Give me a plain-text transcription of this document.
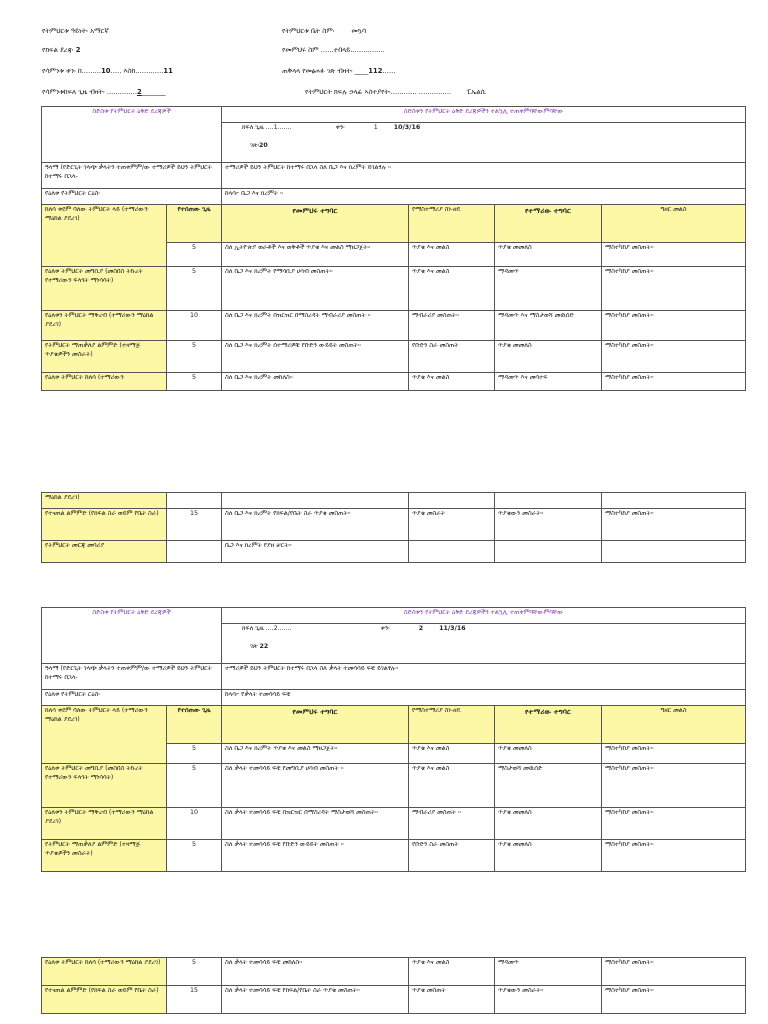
የትምህርቱ ዓይነት፡ አማርኛ	የትምህርቱ ቤት ስም፡	መኳሳ
የክፍል ደረጃ፡ 2	የመምህሩ ስም ......ተበላይ................
የሳምንቱ ቀን፡ ከ.........10..... እስከ.............11	ጠቅላላ የመፅሐፉ ገጽ ብዛት፡ ____112......
የሳምንቱከፍለ ጊዜ ብዛት፡ ..............2_______	የትምህርት ክፍሉ ኃላፊ ኣስተያየት፡............ ............... ፒኤልሲ
ስድስቱ የትምህርት ዕቅድ ደረጃዎች		ስድስቱን የትምህርት ዕቅድ ደረጃዎችን ተልኳሊ ተጠቀምባቸውምባቸው			
		ክፍለ ጊዜ ....1....... ቀን፡ 1 10/3/16			
		ገጽ፡20			
ዓላማ (የድርጊት ገላጭ ቃላትን ተጠቀምም/ው ተማሪዎች ይህን ትምህርት ከተማሩ በኋላ-		ተማሪዎች ይህን ትምህርት ከተማሩ በኋላ ስለ ቤጋ እና ክረምት ይገልፃሉ ።			
የዕለቱ የትምህርት ርዕስ፡		ከላሳ፦ ቤጋ እና ክረምት ።			
ከለሳ ቀደም ባለው ትምህርት ላይ (ተማሪውን ማዕከል ያደረገ)	የተሰጠው ጊዜ	የመምህሩ ተግባር	የማስተማሪያ ስነ-ዘዴ	የተማሪው ተግባር	ግዘር መልስ
	5	ስለ ኢትዮጵያ ወራቶች እና ወቅቶች ጥያቄ እና መልስ ማዘጋጀት።	ጥያቄ እና መልስ	ጥያቄ መመለስ	ማስተካከያ መስጠት።
የዕለቱ ትምህርት መግቢያ (መስበስ ትኩረት የተማሪውን ፍላጎት ማነሳሳት)	5	ስለ ቤጋ እና ክረምት የማሳቢያ ሀሳብ መስጠት።	ጥያቄ እና መልስ	ማዳመጥ	ማስተካከያ መስጠት።
የዕለቱን ትምህርት ማቅረብ (ተማሪውን ማዕከል ያደረገ)	10	ስለ ቤጋ እና ክረምት በዝርዝር በማስረዳት ማብራሪያ መስጠት ።	ማብራሪያ መስጠት።	ማዳመጥ እና ማስታወሻ መዉሰድ	ማስተካከያ መስጠት።
የትምህርት ማጠቃለያ ልምምድ (ተዛማጅ ጥያቄዎችን መስራት)	5	ስለ ቤጋ እና ክረምት ሰተማሪዎቹ የቡድን ውይይት መስጠት።	የቡድን ስራ መስጠት	ጥያቄ መመለስ	ማስተካከያ መስጠት።
የዕለቱ ትምህርት ከለሳ (ተማሪውን	5	ስለ ቤጋ እና ክረምት መከለስ።	ጥያቄ እና መልስ	ማዳመጥ እና መሳተፍ	ማስተካከያ መስጠት።
ማዕከል ያደረገ)					
የተናጠል ልምምድ (የክፍል ስራ ወይም የቤት ስራ)	15	ስለ ቤጋ እና ክረምት የክፍል/የቤት ስራ ጥያቄ መስጠት።	ጥያቄ መስራት	ጥያቄውን መስራት።	ማስተካከያ መስጠት።
የትምህርት መርጃ መሳሪያ		ቤጋ እና ክረምት የያዘ ቻርት።			
ስድስቱ የትምህርት ዕቅድ ደረጃዎች		ስድስቱን የትምህርት ዕቅድ ደረጃዎችን ተልኳሊ ተጠቀምባቸውምባቸው			
		ክፍለ ጊዜ ....2....... ቀን፡ 2 11/3/16			
		ገጽ 22			
ዓላማ (የድርጊት ገላጭ ቃላትን ተጠቀምም/ው ተማሪዎች ይህን ትምህርት ከተማሩ በኋላ-		ተማሪዎች ይህን ትምህርት ከተማሩ በኋላ ስለ ቃላት ተመሳሳይ ፍቺ ይገልፃሉ።			
የዕለቱ የትምህርት ርዕስ፡		ከላሳ፦ የቃላት ተመሳሳይ ፍቺ			
ከለሳ ቀደም ባለው ትምህርት ላይ (ተማሪውን ማዕከል ያደረገ)	የተሰጠው ጊዜ	የመምህሩ ተግባር	የማስተማሪያ ስነ-ዘዴ	የተማሪው ተግባር	ግዘር መልስ
	5	ስለ ቤጋ እና ክረምት ጥያቄ እና መልስ ማዘጋጀት።	ጥያቄ እና መልስ	ጥያቄ መመለስ	ማስተካከያ መስጠት።
የዕለቱ ትምህርት መግቢያ (መስበስ ትኩረት የተማሪውን ፍላጎት ማነሳሳት)	5	ስለ ቃላት ተመሳሳይ ፍቺ የመግቢያ ሀሳብ መስጠት ።	ጥያቄ እና መልስ	ማስታወሻ መዉሰድ	ማስተካከያ መስጠት።
የዕለቱን ትምህርት ማቅረብ (ተማሪውን ማዕከል ያደረገ)	10	ስለ ቃላት ተመሳሳይ ፍቺ በዝርዝር በማስረዳት ማስታወሻ መስጠት።	ማብራሪያ መስጠት ።	ጥያቄ መመለስ	ማስተካከያ መስጠት።
የትምህርት ማጠቃለያ ልምምድ (ተዛማጅ ጥያቄዎችን መስራት)	5	ስለ ቃላት ተመሳሳይ ፍቺ የቡድን ውይይት መስጠት ።	የቡድን ስራ መስጠት	ጥያቄ መመለስ	ማስተካከያ መስጠት።
የዕለቱ ትምህርት ከለሳ (ተማሪውን ማዕከል ያደረገ)	5	ስለ ቃላት ተመሳሳይ ፍቺ መከለስ።	ጥያቄ እና መልስ	ማዳመጥ	ማስተካከያ መስጠት።
የተናጠል ልምምድ (የክፍል ስራ ወይም የቤት ስራ)	15	ስለ ቃላት ተመሳሳይ ፍቺ የክፍል/የቤት ስራ ጥያቄ መስጠት።	ጥያቄ መስጠት	ጥያቄውን መስራት።	ማስተካከያ መስጠት።
